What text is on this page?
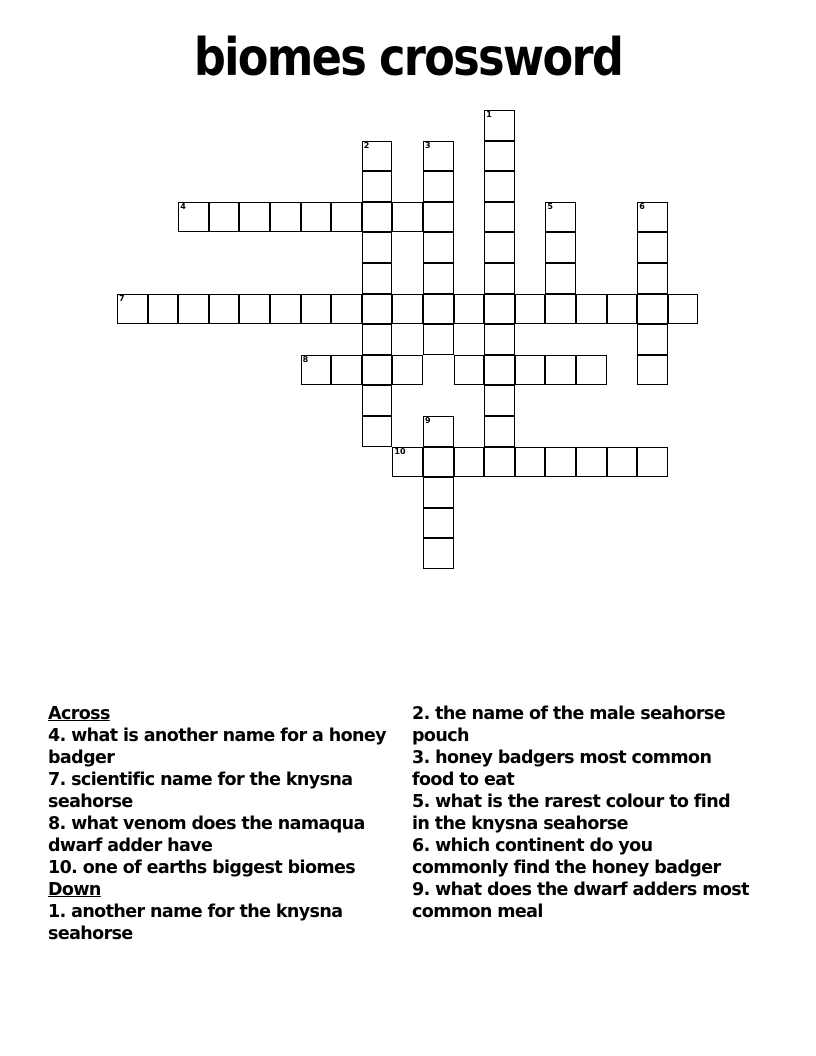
biomes crossword
1
2	3
4	5	6
7
8
9
10
Across
4. what is another name for a honey badger
7. scientific name for the knysna seahorse
8. what venom does the namaqua dwarf adder have
10. one of earths biggest biomes
Down
1. another name for the knysna seahorse
2. the name of the male seahorse pouch
3. honey badgers most common food to eat
5. what is the rarest colour to find in the knysna seahorse
6. which continent do you commonly find the honey badger
9. what does the dwarf adders most common meal
